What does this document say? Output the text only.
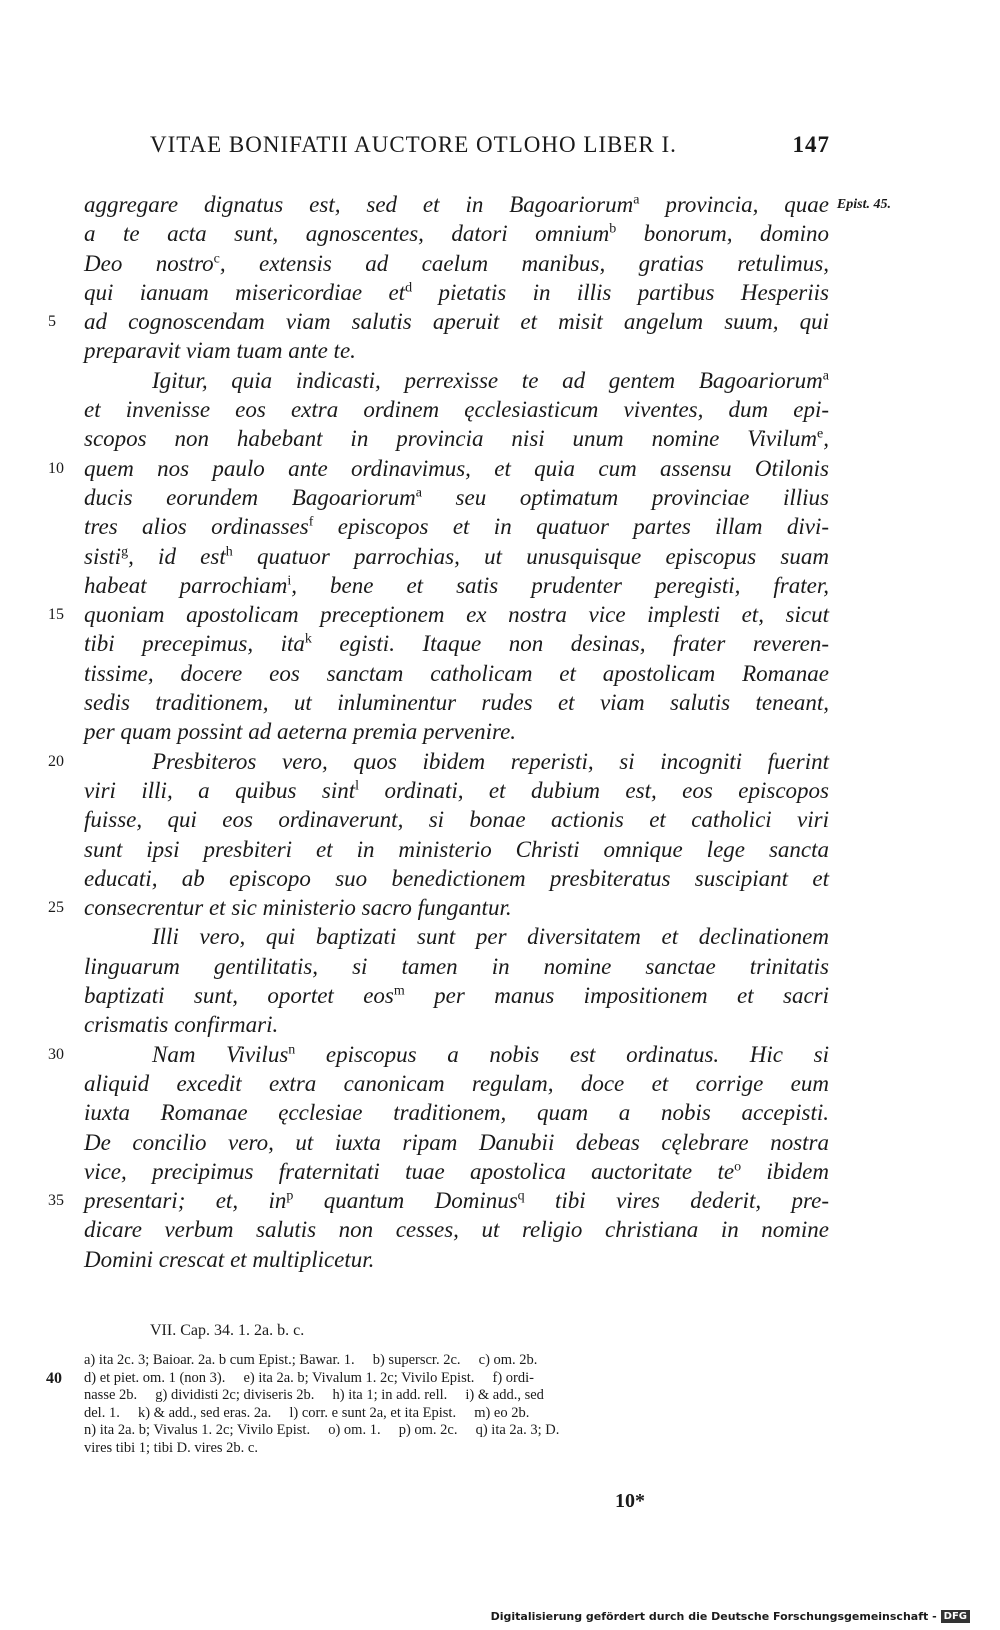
VITAE BONIFATII AUCTORE OTLOHO LIBER I.	147
aggregare dignatus est, sed et in Bagoariorum$^a$ provincia, quae Epist. 45.
a te acta sunt, agnoscentes, datori omnium$^b$ bonorum, domino
Deo nostro$^c$, extensis ad caelum manibus, gratias retulimus,
qui ianuam misericordiae $et^d$ pietatis in illis partibus Hesperiis
5 ad cognoscendam viam salutis aperuit et misit angelum suum, qui
preparavit viam tuam ante te.
Igitur, quia indicasti, perrexisse te ad gentem Bagoariorum$^a$
et invenisse eos extra ordinem ęcclesiasticum viventes, dum epi-
scopos non habebant in provincia nisi unum nomine Vivilum$^e$,
10 quem nos paulo ante ordinavimus, et quia cum assensu Otilonis
ducis eorundem Bagoariorum$^a$ seu optimatum provinciae illius
tres alios ordinasses$^f$ episcopos et in quatuor partes illam divi-
sisti$^g$, id est$^h$ quatuor parrochias, ut unusquisque episcopus suam
habeat parrochiam$^i$, bene et satis prudenter peregisti, frater,
15 quoniam apostolicam preceptionem ex nostra vice implesti et, sicut
tibi precepimus, ita$^k$ egisti. Itaque non desinas, frater reveren-
tissime, docere eos sanctam catholicam et apostolicam Romanae
sedis traditionem, ut inluminentur rudes et viam salutis teneant,
per quam possint ad aeterna premia pervenire.
20	Presbiteros vero, quos ibidem reperisti, si incogniti fuerint
viri illi, a quibus sint$^l$ ordinati, et dubium est, eos episcopos
fuisse, qui eos ordinaverunt, si bonae actionis et catholici viri
sunt ipsi presbiteri et in ministerio Christi omnique lege sancta
educati, ab episcopo suo benedictionem presbiteratus suscipiant et
25 consecrentur et sic ministerio sacro fungantur.
Illi vero, qui baptizati sunt per diversitatem et declinationem
linguarum gentilitatis, si tamen in nomine sanctae trinitatis
baptizati sunt, oportet eos$^m$ per manus impositionem et sacri
crismatis confirmari.
30	Nam Vivilus$^n$ episcopus a nobis est ordinatus. Hic si
aliquid excedit extra canonicam regulam, doce et corrige eum
iuxta Romanae ęcclesiae traditionem, quam a nobis accepisti.
De concilio vero, ut iuxta ripam Danubii debeas cęlebrare nostra
vice, precipimus fraternitati tuae apostolica auctoritate $te^o$ ibidem
35 presentari; et, $in^p$ quantum Dominus$^q$ tibi vires dederit, pre-
dicare verbum salutis non cesses, ut religio christiana in nomine
Domini crescat et multiplicetur.
VII. Cap. 34. 1. 2a. b. c.
a) ita 2c. 3; Baioar. 2a. b cum Epist.; Bawar. 1.     b) superscr. 2c.     c) om. 2b.
40 d) et piet. om. 1 (non 3).     e) ita 2a. b; Vivalum 1. 2c; Vivilo Epist.     f) ordi-
nasse 2b.     g) dividisti 2c; diviseris 2b.     h) ita 1; in add. rell.     i) & add., sed
del. 1.     k) & add., sed eras. 2a.     l) corr. e sunt 2a, et ita Epist.     m) eo 2b.
n) ita 2a. b; Vivalus 1. 2c; Vivilo Epist.     o) om. 1.     p) om. 2c.     q) ita 2a. 3; D.
vires tibi 1; tibi D. vires 2b. c.
10*
Digitalisierung gefördert durch die Deutsche Forschungsgemeinschaft - DFG
